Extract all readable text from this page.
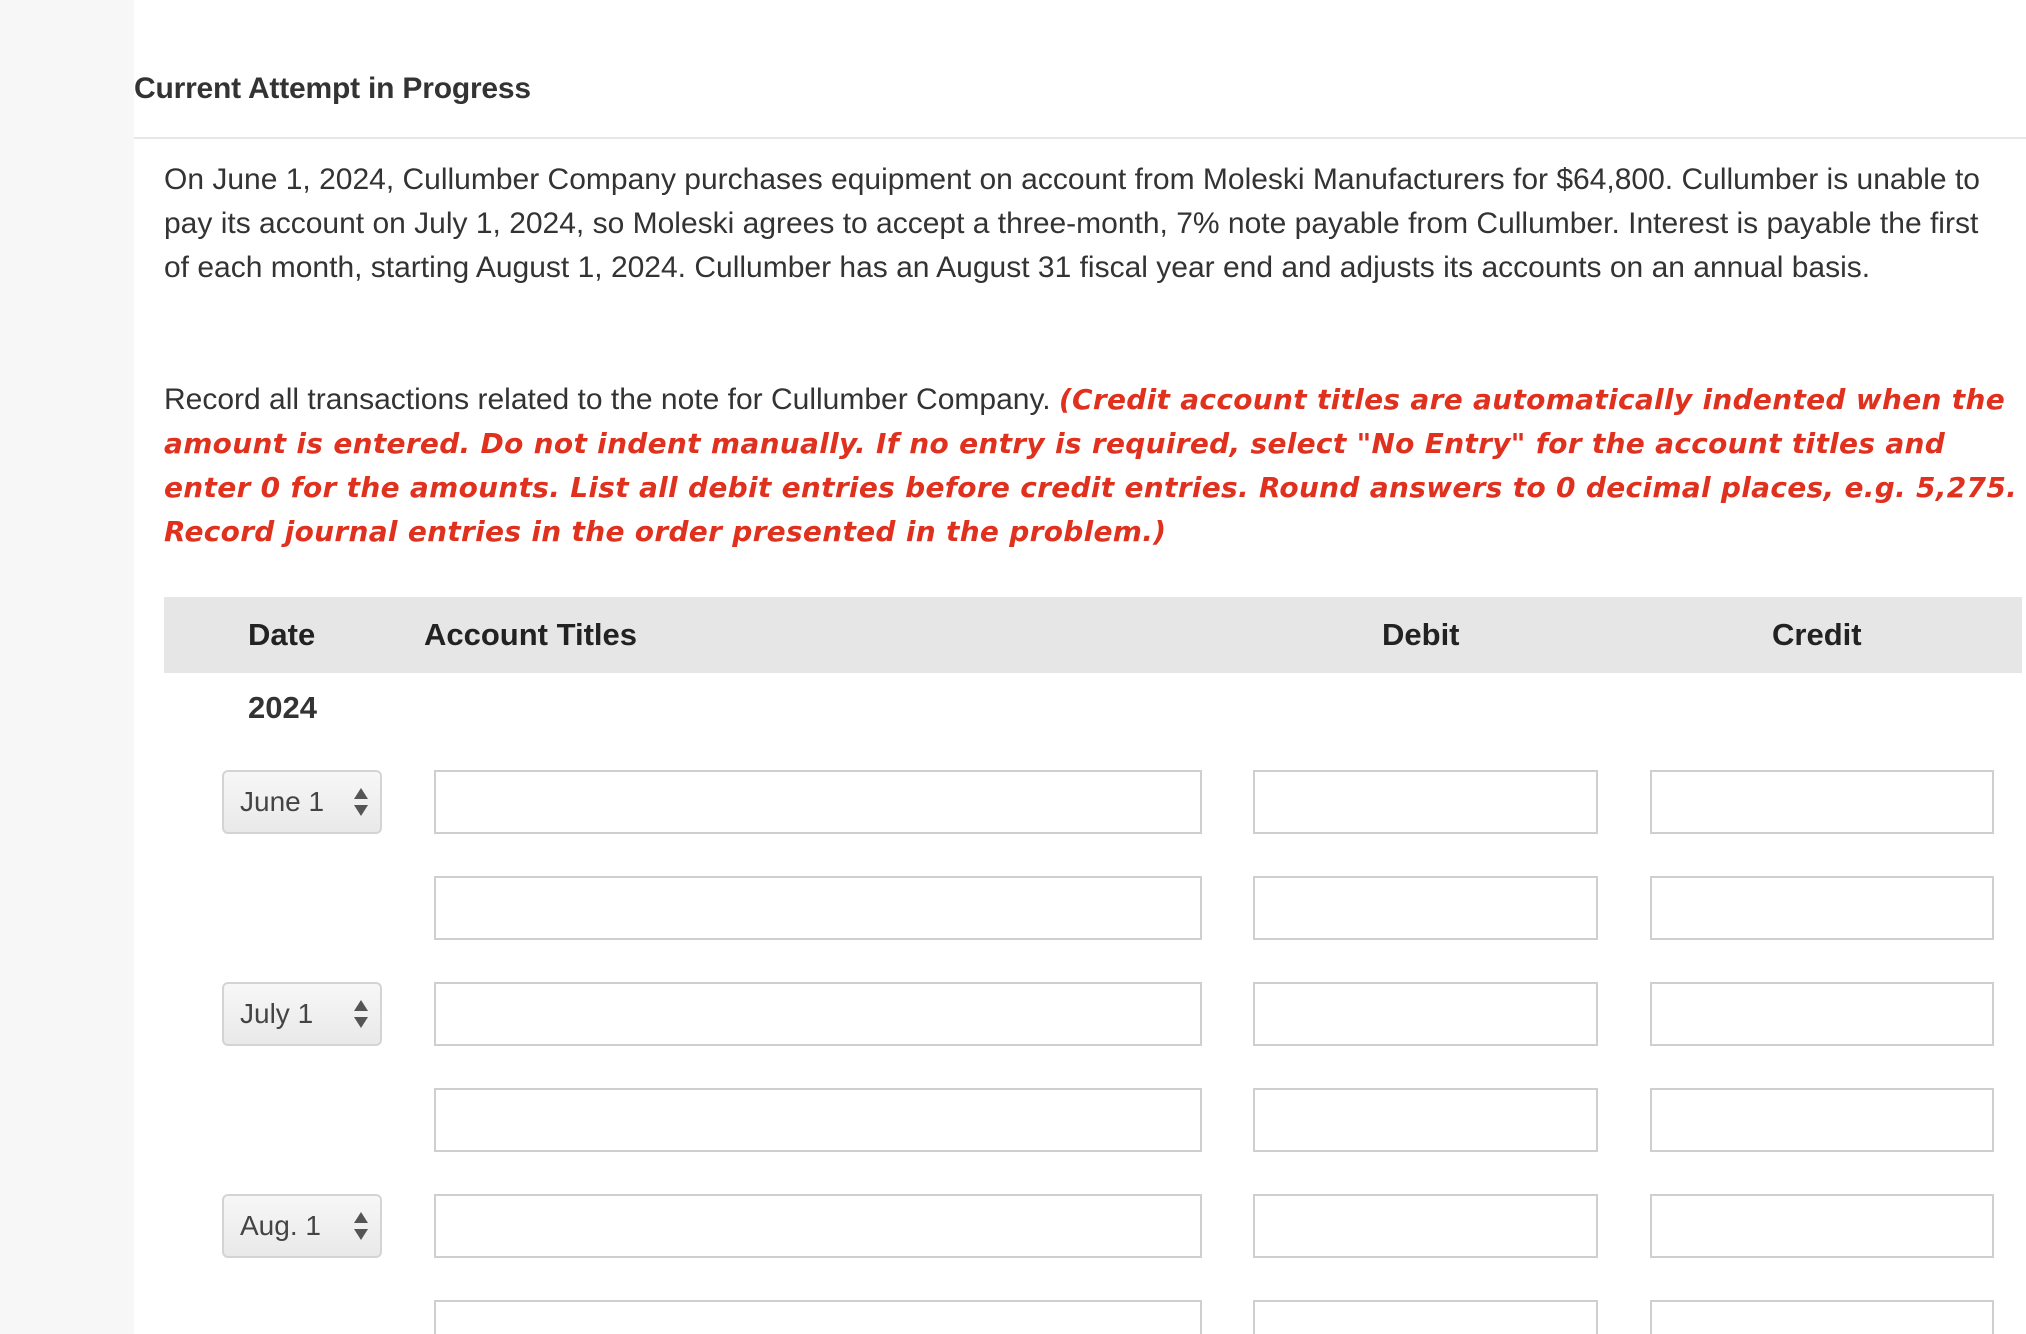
Current Attempt in Progress
On June 1, 2024, Cullumber Company purchases equipment on account from Moleski Manufacturers for $64,800. Cullumber is unable to pay its account on July 1, 2024, so Moleski agrees to accept a three-month, 7% note payable from Cullumber. Interest is payable the first of each month, starting August 1, 2024. Cullumber has an August 31 fiscal year end and adjusts its accounts on an annual basis.
Record all transactions related to the note for Cullumber Company. (Credit account titles are automatically indented when the amount is entered. Do not indent manually. If no entry is required, select "No Entry" for the account titles and enter 0 for the amounts. List all debit entries before credit entries. Round answers to 0 decimal places, e.g. 5,275. Record journal entries in the order presented in the problem.)
Date	Account Titles	Debit	Credit
2024
June 1
July 1
Aug. 1
